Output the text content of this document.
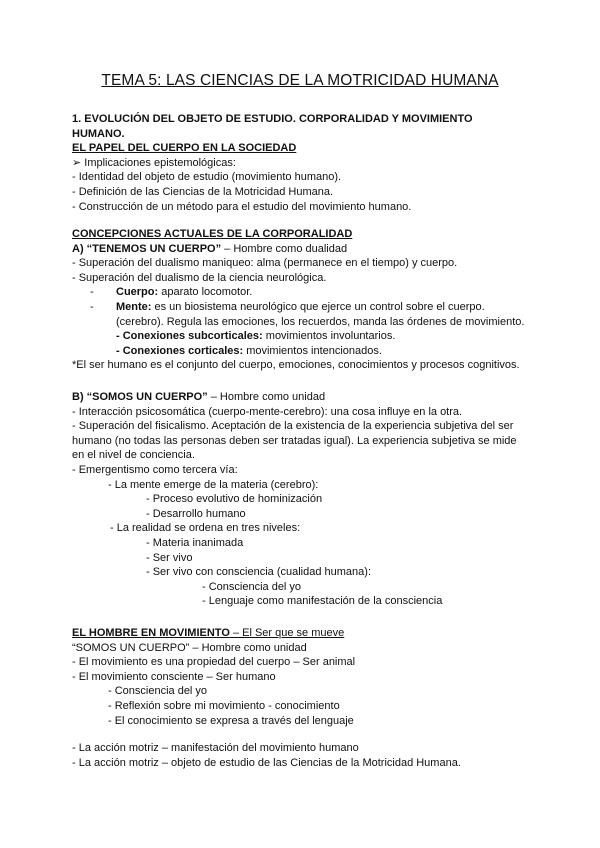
TEMA 5: LAS CIENCIAS DE LA MOTRICIDAD HUMANA
1. EVOLUCIÓN DEL OBJETO DE ESTUDIO. CORPORALIDAD Y MOVIMIENTO
HUMANO.
EL PAPEL DEL CUERPO EN LA SOCIEDAD
➢ Implicaciones epistemológicas:
- Identidad del objeto de estudio (movimiento humano).
- Definición de las Ciencias de la Motricidad Humana.
- Construcción de un método para el estudio del movimiento humano.
CONCEPCIONES ACTUALES DE LA CORPORALIDAD
A) “TENEMOS UN CUERPO” – Hombre como dualidad
- Superación del dualismo maniqueo: alma (permanece en el tiempo) y cuerpo.
- Superación del dualismo de la ciencia neurológica.
- Cuerpo: aparato locomotor.
- Mente: es un biosistema neurológico que ejerce un control sobre el cuerpo.
(cerebro). Regula las emociones, los recuerdos, manda las órdenes de movimiento.
- Conexiones subcorticales: movimientos involuntarios.
- Conexiones corticales: movimientos intencionados.
*El ser humano es el conjunto del cuerpo, emociones, conocimientos y procesos cognitivos.
B) “SOMOS UN CUERPO” – Hombre como unidad
- Interacción psicosomática (cuerpo-mente-cerebro): una cosa influye en la otra.
- Superación del fisicalismo. Aceptación de la existencia de la experiencia subjetiva del ser
humano (no todas las personas deben ser tratadas igual). La experiencia subjetiva se mide
en el nivel de conciencia.
- Emergentismo como tercera vía:
- La mente emerge de la materia (cerebro):
- Proceso evolutivo de hominización
- Desarrollo humano
- La realidad se ordena en tres niveles:
- Materia inanimada
- Ser vivo
- Ser vivo con consciencia (cualidad humana):
- Consciencia del yo
- Lenguaje como manifestación de la consciencia
EL HOMBRE EN MOVIMIENTO – El Ser que se mueve
“SOMOS UN CUERPO” – Hombre como unidad
- El movimiento es una propiedad del cuerpo – Ser animal
- El movimiento consciente – Ser humano
- Consciencia del yo
- Reflexión sobre mi movimiento - conocimiento
- El conocimiento se expresa a través del lenguaje
- La acción motriz – manifestación del movimiento humano
- La acción motriz – objeto de estudio de las Ciencias de la Motricidad Humana.
